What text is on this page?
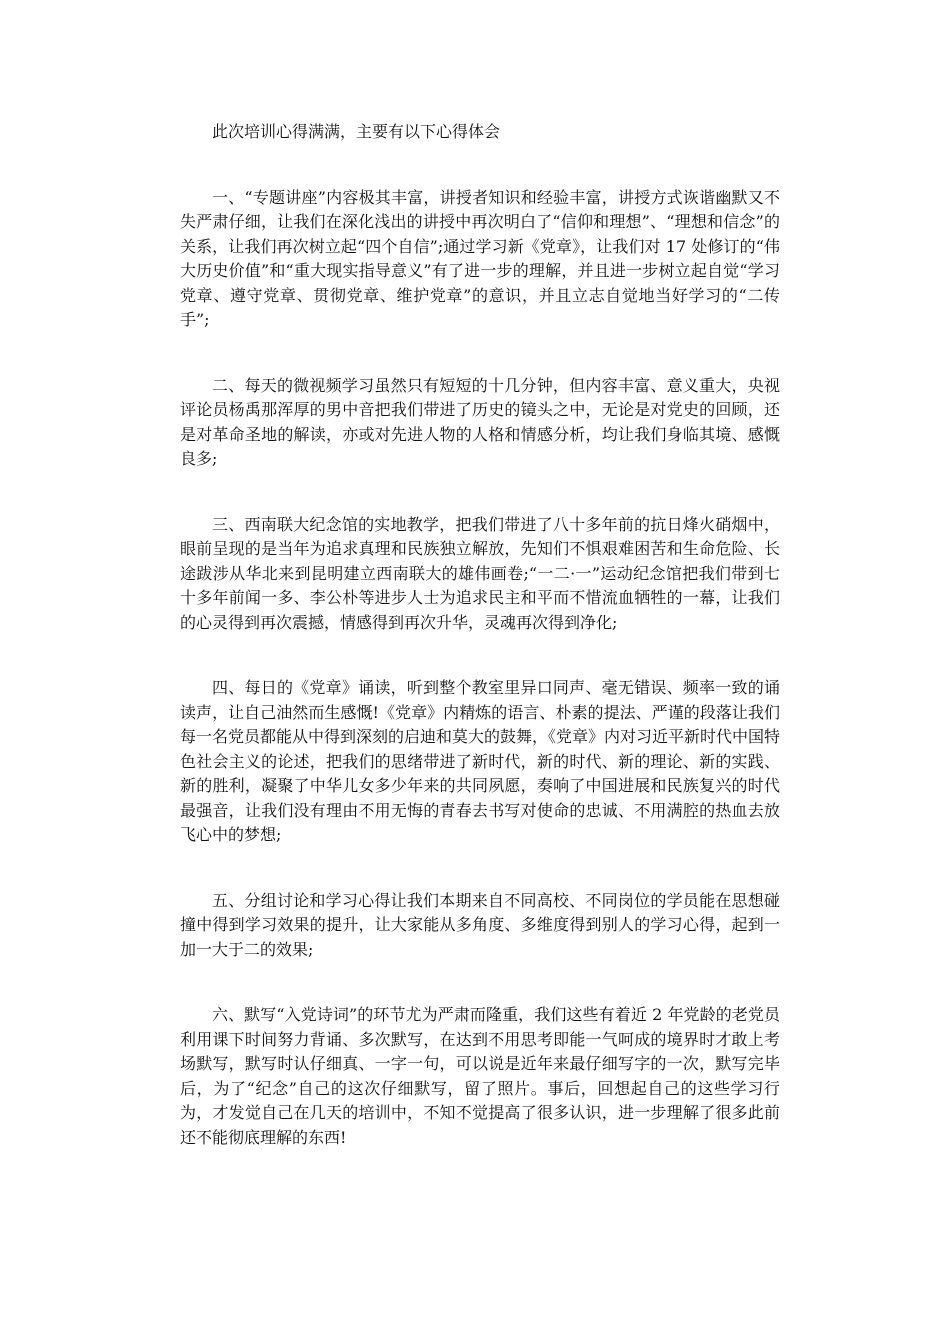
此次培训心得满满，主要有以下心得体会

一、“专题讲座”内容极其丰富，讲授者知识和经验丰富，讲授方式诙谐幽默又不失严肃仔细，让我们在深化浅出的讲授中再次明白了“信仰和理想”、“理想和信念”的关系，让我们再次树立起“四个自信”;通过学习新《党章》，让我们对 17 处修订的“伟大历史价值”和“重大现实指导意义”有了进一步的理解，并且进一步树立起自觉“学习党章、遵守党章、贯彻党章、维护党章”的意识，并且立志自觉地当好学习的“二传手”;

二、每天的微视频学习虽然只有短短的十几分钟，但内容丰富、意义重大，央视评论员杨禹那浑厚的男中音把我们带进了历史的镜头之中，无论是对党史的回顾，还是对革命圣地的解读，亦或对先进人物的人格和情感分析，均让我们身临其境、感慨良多;

三、西南联大纪念馆的实地教学，把我们带进了八十多年前的抗日烽火硝烟中，眼前呈现的是当年为追求真理和民族独立解放，先知们不惧艰难困苦和生命危险、长途跋涉从华北来到昆明建立西南联大的雄伟画卷;“一二·一”运动纪念馆把我们带到七十多年前闻一多、李公朴等进步人士为追求民主和平而不惜流血牺牲的一幕，让我们的心灵得到再次震撼，情感得到再次升华，灵魂再次得到净化;

四、每日的《党章》诵读，听到整个教室里异口同声、毫无错误、频率一致的诵读声，让自己油然而生感慨!《党章》内精炼的语言、朴素的提法、严谨的段落让我们每一名党员都能从中得到深刻的启迪和莫大的鼓舞，《党章》内对习近平新时代中国特色社会主义的论述，把我们的思绪带进了新时代，新的时代、新的理论、新的实践、新的胜利，凝聚了中华儿女多少年来的共同夙愿，奏响了中国进展和民族复兴的时代最强音，让我们没有理由不用无悔的青春去书写对使命的忠诚、不用满腔的热血去放飞心中的梦想;

五、分组讨论和学习心得让我们本期来自不同高校、不同岗位的学员能在思想碰撞中得到学习效果的提升，让大家能从多角度、多维度得到别人的学习心得，起到一加一大于二的效果;

六、默写“入党诗词”的环节尤为严肃而隆重，我们这些有着近 2 年党龄的老党员利用课下时间努力背诵、多次默写，在达到不用思考即能一气呵成的境界时才敢上考场默写，默写时认仔细真、一字一句，可以说是近年来最仔细写字的一次，默写完毕后，为了“纪念”自己的这次仔细默写，留了照片。事后，回想起自己的这些学习行为，才发觉自己在几天的培训中，不知不觉提高了很多认识，进一步理解了很多此前还不能彻底理解的东西!
